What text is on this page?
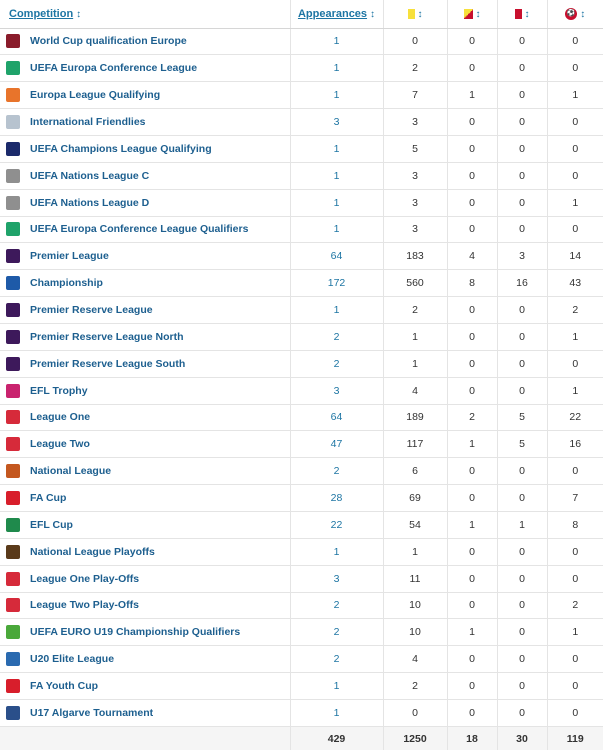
Competition ↕	Appearances ↕	↕	↕	↕	⚽ ↕
World Cup qualification Europe	1	0	0	0	0
UEFA Europa Conference League	1	2	0	0	0
Europa League Qualifying	1	7	1	0	1
International Friendlies	3	3	0	0	0
UEFA Champions League Qualifying	1	5	0	0	0
UEFA Nations League C	1	3	0	0	0
UEFA Nations League D	1	3	0	0	1
UEFA Europa Conference League Qualifiers	1	3	0	0	0
Premier League	64	183	4	3	14
Championship	172	560	8	16	43
Premier Reserve League	1	2	0	0	2
Premier Reserve League North	2	1	0	0	1
Premier Reserve League South	2	1	0	0	0
EFL Trophy	3	4	0	0	1
League One	64	189	2	5	22
League Two	47	117	1	5	16
National League	2	6	0	0	0
FA Cup	28	69	0	0	7
EFL Cup	22	54	1	1	8
National League Playoffs	1	1	0	0	0
League One Play-Offs	3	11	0	0	0
League Two Play-Offs	2	10	0	0	2
UEFA EURO U19 Championship Qualifiers	2	10	1	0	1
U20 Elite League	2	4	0	0	0
FA Youth Cup	1	2	0	0	0
U17 Algarve Tournament	1	0	0	0	0
	429	1250	18	30	119
